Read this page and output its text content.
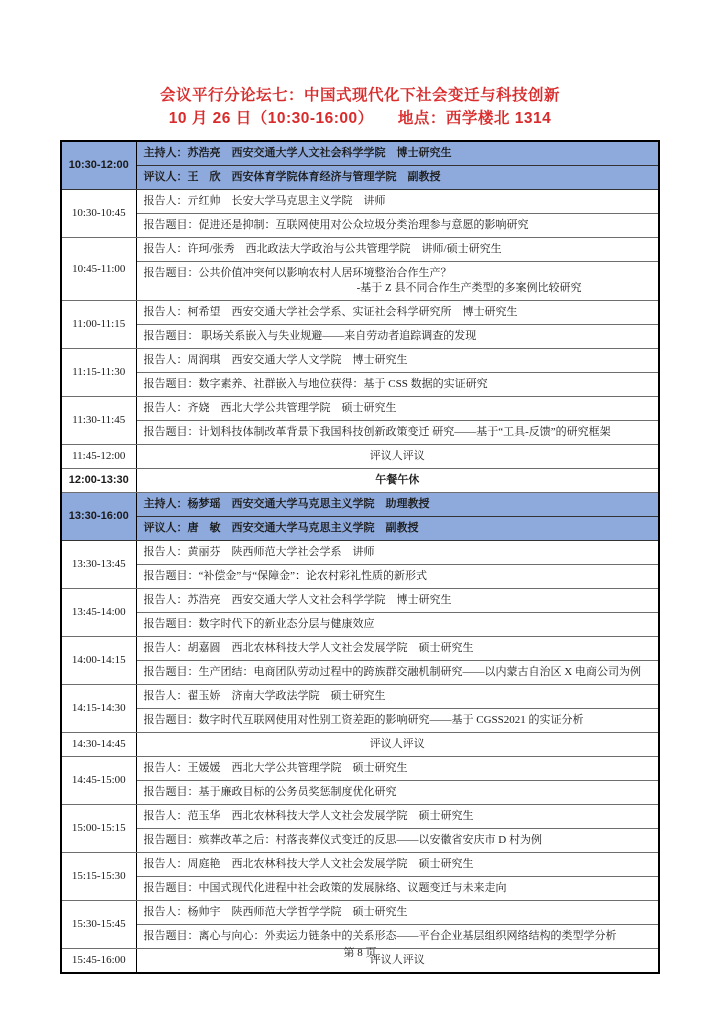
会议平行分论坛七：中国式现代化下社会变迁与科技创新
10 月 26 日（10:30-16:00）　　地点：西学楼北 1314
10:30-12:00	主持人：苏浩亮　西安交通大学人文社会科学学院　博士研究生
	评议人：王　欣　西安体育学院体育经济与管理学院　副教授
10:30-10:45	报告人：亓红帅　长安大学马克思主义学院　讲师

	报告题目：促进还是抑制：互联网使用对公众垃圾分类治理参与意愿的影响研究

10:45-11:00	报告人：许珂/张秀　西北政法大学政治与公共管理学院　讲师/硕士研究生

	报告题目：公共价值冲突何以影响农村人居环境整治合作生产？
-基于 Z 县不同合作生产类型的多案例比较研究

11:00-11:15	报告人：柯希望　西安交通大学社会学系、实证社会科学研究所　博士研究生

	报告题目： 职场关系嵌入与失业规避——来自劳动者追踪调查的发现

11:15-11:30	报告人：周润琪　西安交通大学人文学院　博士研究生

	报告题目：数字素养、社群嵌入与地位获得：基于 CSS 数据的实证研究

11:30-11:45	报告人：齐娆　西北大学公共管理学院　硕士研究生

	报告题目：计划科技体制改革背景下我国科技创新政策变迁 研究——基于“工具-反馈”的研究框架

11:45-12:00	评议人评议
12:00-13:30	午餐午休
13:30-16:00	主持人：杨梦瑶　西安交通大学马克思主义学院　助理教授
	评议人：唐　敏　西安交通大学马克思主义学院　副教授
13:30-13:45	报告人：黄丽芬　陕西师范大学社会学系　讲师

	报告题目：“补偿金”与“保障金”：论农村彩礼性质的新形式

13:45-14:00	报告人：苏浩亮　西安交通大学人文社会科学学院　博士研究生

	报告题目：数字时代下的新业态分层与健康效应

14:00-14:15	报告人：胡嘉圆　西北农林科技大学人文社会发展学院　硕士研究生

	报告题目：生产团结：电商团队劳动过程中的跨族群交融机制研究——以内蒙古自治区 X 电商公司为例

14:15-14:30	报告人：翟玉娇　济南大学政法学院　硕士研究生

	报告题目：数字时代互联网使用对性别工资差距的影响研究——基于 CGSS2021 的实证分析

14:30-14:45	评议人评议
14:45-15:00	报告人：王媛媛　西北大学公共管理学院　硕士研究生

	报告题目：基于廉政目标的公务员奖惩制度优化研究

15:00-15:15	报告人：范玉华　西北农林科技大学人文社会发展学院　硕士研究生

	报告题目：殡葬改革之后：村落丧葬仪式变迁的反思——以安徽省安庆市 D 村为例

15:15-15:30	报告人：周庭艳　西北农林科技大学人文社会发展学院　硕士研究生

	报告题目：中国式现代化进程中社会政策的发展脉络、议题变迁与未来走向

15:30-15:45	报告人：杨帅宇　陕西师范大学哲学学院　硕士研究生

	报告题目：离心与向心：外卖运力链条中的关系形态——平台企业基层组织网络结构的类型学分析

15:45-16:00	评议人评议
第 8 页
